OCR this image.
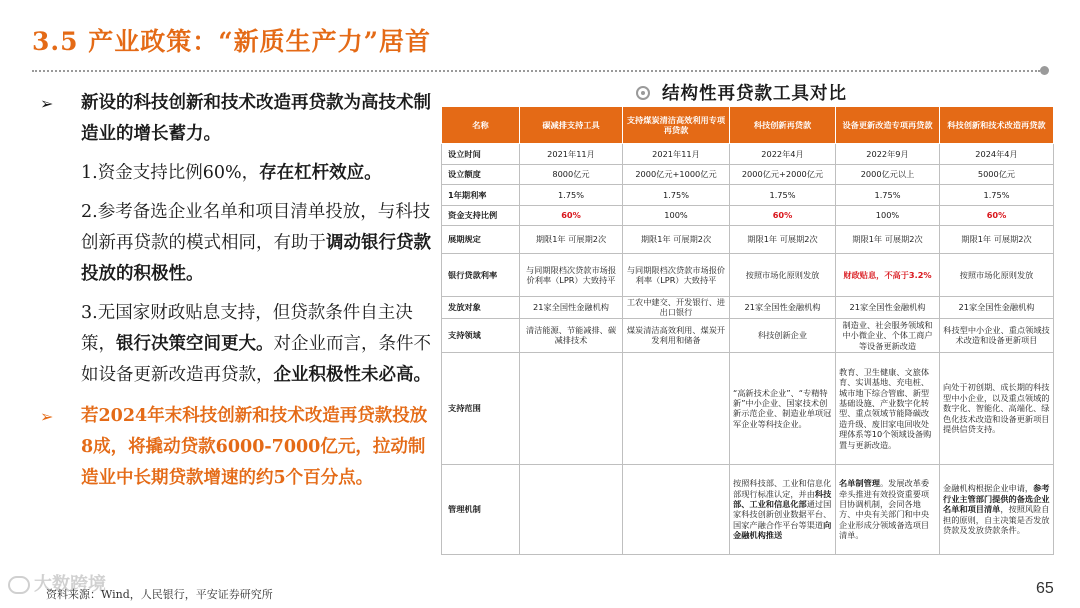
3.5 产业政策：“新质生产力”居首

➢ 新设的科技创新和技术改造再贷款为高技术制造业的增长蓄力。

1.资金支持比例60%，存在杠杆效应。

2.参考备选企业名单和项目清单投放，与科技创新再贷款的模式相同，有助于调动银行贷款投放的积极性。

3.无国家财政贴息支持，但贷款条件自主决策，银行决策空间更大。对企业而言，条件不如设备更新改造再贷款，企业积极性未必高。

➢ 若2024年末科技创新和技术改造再贷款投放8成，将撬动贷款6000-7000亿元，拉动制造业中长期贷款增速的约5个百分点。

结构性再贷款工具对比
名称	碳减排支持工具	支持煤炭清洁高效利用专项再贷款	科技创新再贷款	设备更新改造专项再贷款	科技创新和技术改造再贷款
设立时间	2021年11月	2021年11月	2022年4月	2022年9月	2024年4月
设立额度	8000亿元	2000亿元+1000亿元	2000亿元+2000亿元	2000亿元以上	5000亿元
1年期利率	1.75%	1.75%	1.75%	1.75%	1.75%
资金支持比例	60%	100%	60%	100%	60%
展期规定	期限1年 可展期2次	期限1年 可展期2次	期限1年 可展期2次	期限1年 可展期2次	期限1年 可展期2次
银行贷款利率	与同期限档次贷款市场报价利率（LPR）大致持平	与同期限档次贷款市场报价利率（LPR）大致持平	按照市场化原则发放	财政贴息，不高于3.2%	按照市场化原则发放
发放对象	21家全国性金融机构	工农中建交、开发银行、进出口银行	21家全国性金融机构	21家全国性金融机构	21家全国性金融机构
支持领域	清洁能源、节能减排、碳减排技术	煤炭清洁高效利用、煤炭开发利用和储备	科技创新企业	制造业、社会服务领域和中小微企业、个体工商户等设备更新改造	科技型中小企业、重点领域技术改造和设备更新项目
支持范围			“高新技术企业”、“专精特新”中小企业、国家技术创新示范企业、制造业单项冠军企业等科技企业。	教育、卫生健康、文旅体育、实训基地、充电桩、城市地下综合管廊、新型基础设施、产业数字化转型、重点领域节能降碳改造升级、废旧家电回收处理体系等10个领域设备购置与更新改造。	向处于初创期、成长期的科技型中小企业，以及重点领域的数字化、智能化、高端化、绿色化技术改造和设备更新项目提供信贷支持。
管理机制			按照科技部、工业和信息化部现行标准认定，并由科技部、工业和信息化部通过国家科技创新创业数据平台、国家产融合作平台等渠道向金融机构推送	名单制管理。发展改革委牵头推进有效投资重要项目协调机制，会同各地方、中央有关部门和中央企业形成分领域备选项目清单。	金融机构根据企业申请，参考行业主管部门提供的备选企业名单和项目清单，按照风险自担的原则，自主决策是否发放贷款及发放贷款条件。
大数跨境
资料来源：Wind，人民银行，平安证券研究所	65
